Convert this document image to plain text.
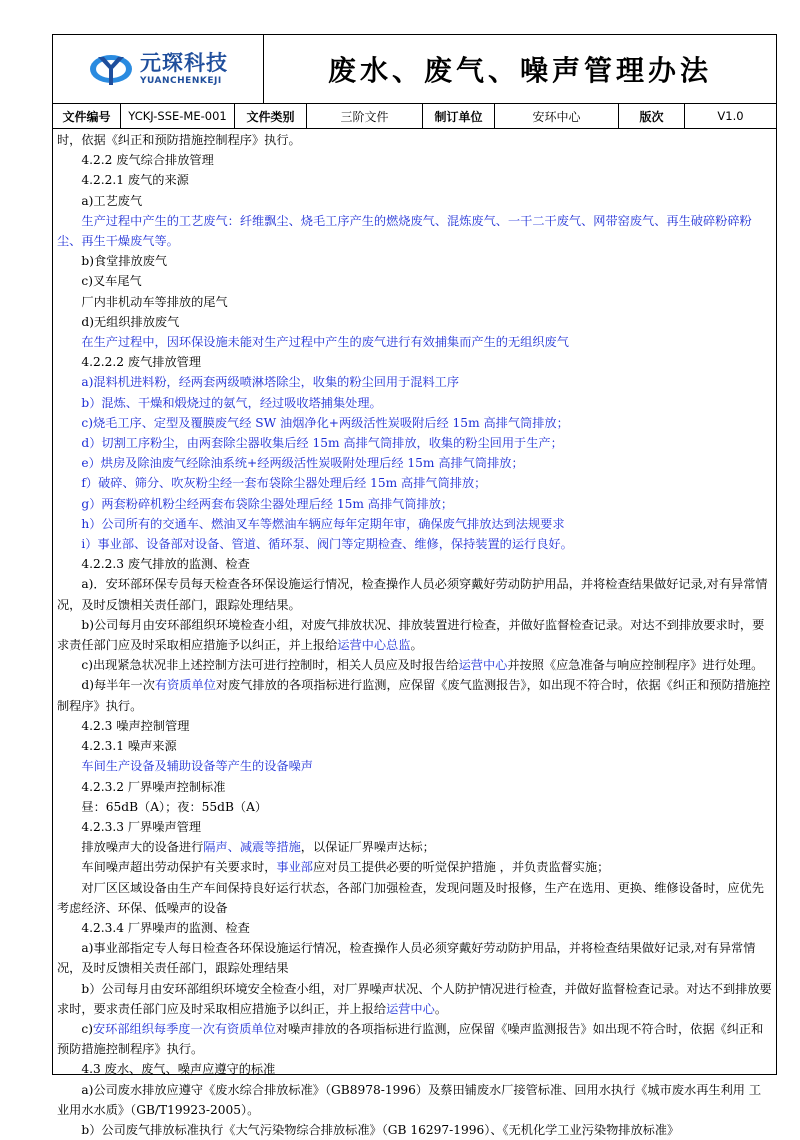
元琛科技
YUANCHENKEJI	废水、废气、噪声管理办法
文件编号	YCKJ-SSE-ME-001	文件类别	三阶文件	制订单位	安环中心	版次	V1.0

时，依据《纠正和预防措施控制程序》执行。

4.2.2 废气综合排放管理

4.2.2.1 废气的来源

a)工艺废气

生产过程中产生的工艺废气：纤维飘尘、烧毛工序产生的燃烧废气、混炼废气、一干二干废气、网带窑废气、再生破碎粉碎粉尘、再生干燥废气等。

b)食堂排放废气

c)叉车尾气

厂内非机动车等排放的尾气

d)无组织排放废气

在生产过程中，因环保设施未能对生产过程中产生的废气进行有效捕集而产生的无组织废气

4.2.2.2 废气排放管理

a)混料机进料粉，经两套两级喷淋塔除尘，收集的粉尘回用于混料工序

b）混炼、干燥和煅烧过的氨气，经过吸收塔捕集处理。

c)烧毛工序、定型及覆膜废气经 SW 油烟净化+两级活性炭吸附后经 15m 高排气筒排放；

d）切割工序粉尘，由两套除尘器收集后经 15m 高排气筒排放，收集的粉尘回用于生产；

e）烘房及除油废气经除油系统+经两级活性炭吸附处理后经 15m 高排气筒排放；

f）破碎、筛分、吹灰粉尘经一套布袋除尘器处理后经 15m 高排气筒排放；

g）两套粉碎机粉尘经两套布袋除尘器处理后经 15m 高排气筒排放；

h）公司所有的交通车、燃油叉车等燃油车辆应每年定期年审，确保废气排放达到法规要求

i）事业部、设备部对设备、管道、循环泵、阀门等定期检查、维修，保持装置的运行良好。

4.2.2.3 废气排放的监测、检查

a)．安环部环保专员每天检查各环保设施运行情况，检查操作人员必须穿戴好劳动防护用品，并将检查结果做好记录,对有异常情况，及时反馈相关责任部门，跟踪处理结果。

b)公司每月由安环部组织环境检查小组，对废气排放状况、排放装置进行检查，并做好监督检查记录。对达不到排放要求时，要求责任部门应及时采取相应措施予以纠正，并上报给运营中心总监。

c)出现紧急状况非上述控制方法可进行控制时，相关人员应及时报告给运营中心并按照《应急准备与响应控制程序》进行处理。

d)每半年一次有资质单位对废气排放的各项指标进行监测，应保留《废气监测报告》，如出现不符合时，依据《纠正和预防措施控制程序》执行。

4.2.3 噪声控制管理

4.2.3.1 噪声来源

车间生产设备及辅助设备等产生的设备噪声

4.2.3.2 厂界噪声控制标准

昼：65dB（A）；夜：55dB（A）

4.2.3.3 厂界噪声管理

排放噪声大的设备进行隔声、减震等措施，以保证厂界噪声达标；

车间噪声超出劳动保护有关要求时，事业部应对员工提供必要的听觉保护措施 ，并负责监督实施；

对厂区区域设备由生产车间保持良好运行状态，各部门加强检查，发现问题及时报修，生产在选用、更换、维修设备时，应优先考虑经济、环保、低噪声的设备

4.2.3.4 厂界噪声的监测、检查

a)事业部指定专人每日检查各环保设施运行情况，检查操作人员必须穿戴好劳动防护用品，并将检查结果做好记录,对有异常情况，及时反馈相关责任部门，跟踪处理结果

b）公司每月由安环部组织环境安全检查小组，对厂界噪声状况、个人防护情况进行检查，并做好监督检查记录。对达不到排放要求时，要求责任部门应及时采取相应措施予以纠正，并上报给运营中心。

c)安环部组织每季度一次有资质单位对噪声排放的各项指标进行监测，应保留《噪声监测报告》如出现不符合时，依据《纠正和预防措施控制程序》执行。

4.3 废水、废气、噪声应遵守的标准

a)公司废水排放应遵守《废水综合排放标准》（GB8978-1996）及蔡田铺废水厂接管标准、回用水执行《城市废水再生利用 工业用水水质》（GB/T19923-2005）。

b）公司废气排放标准执行《大气污染物综合排放标准》（GB 16297-1996）、《无机化学工业污染物排放标准》
